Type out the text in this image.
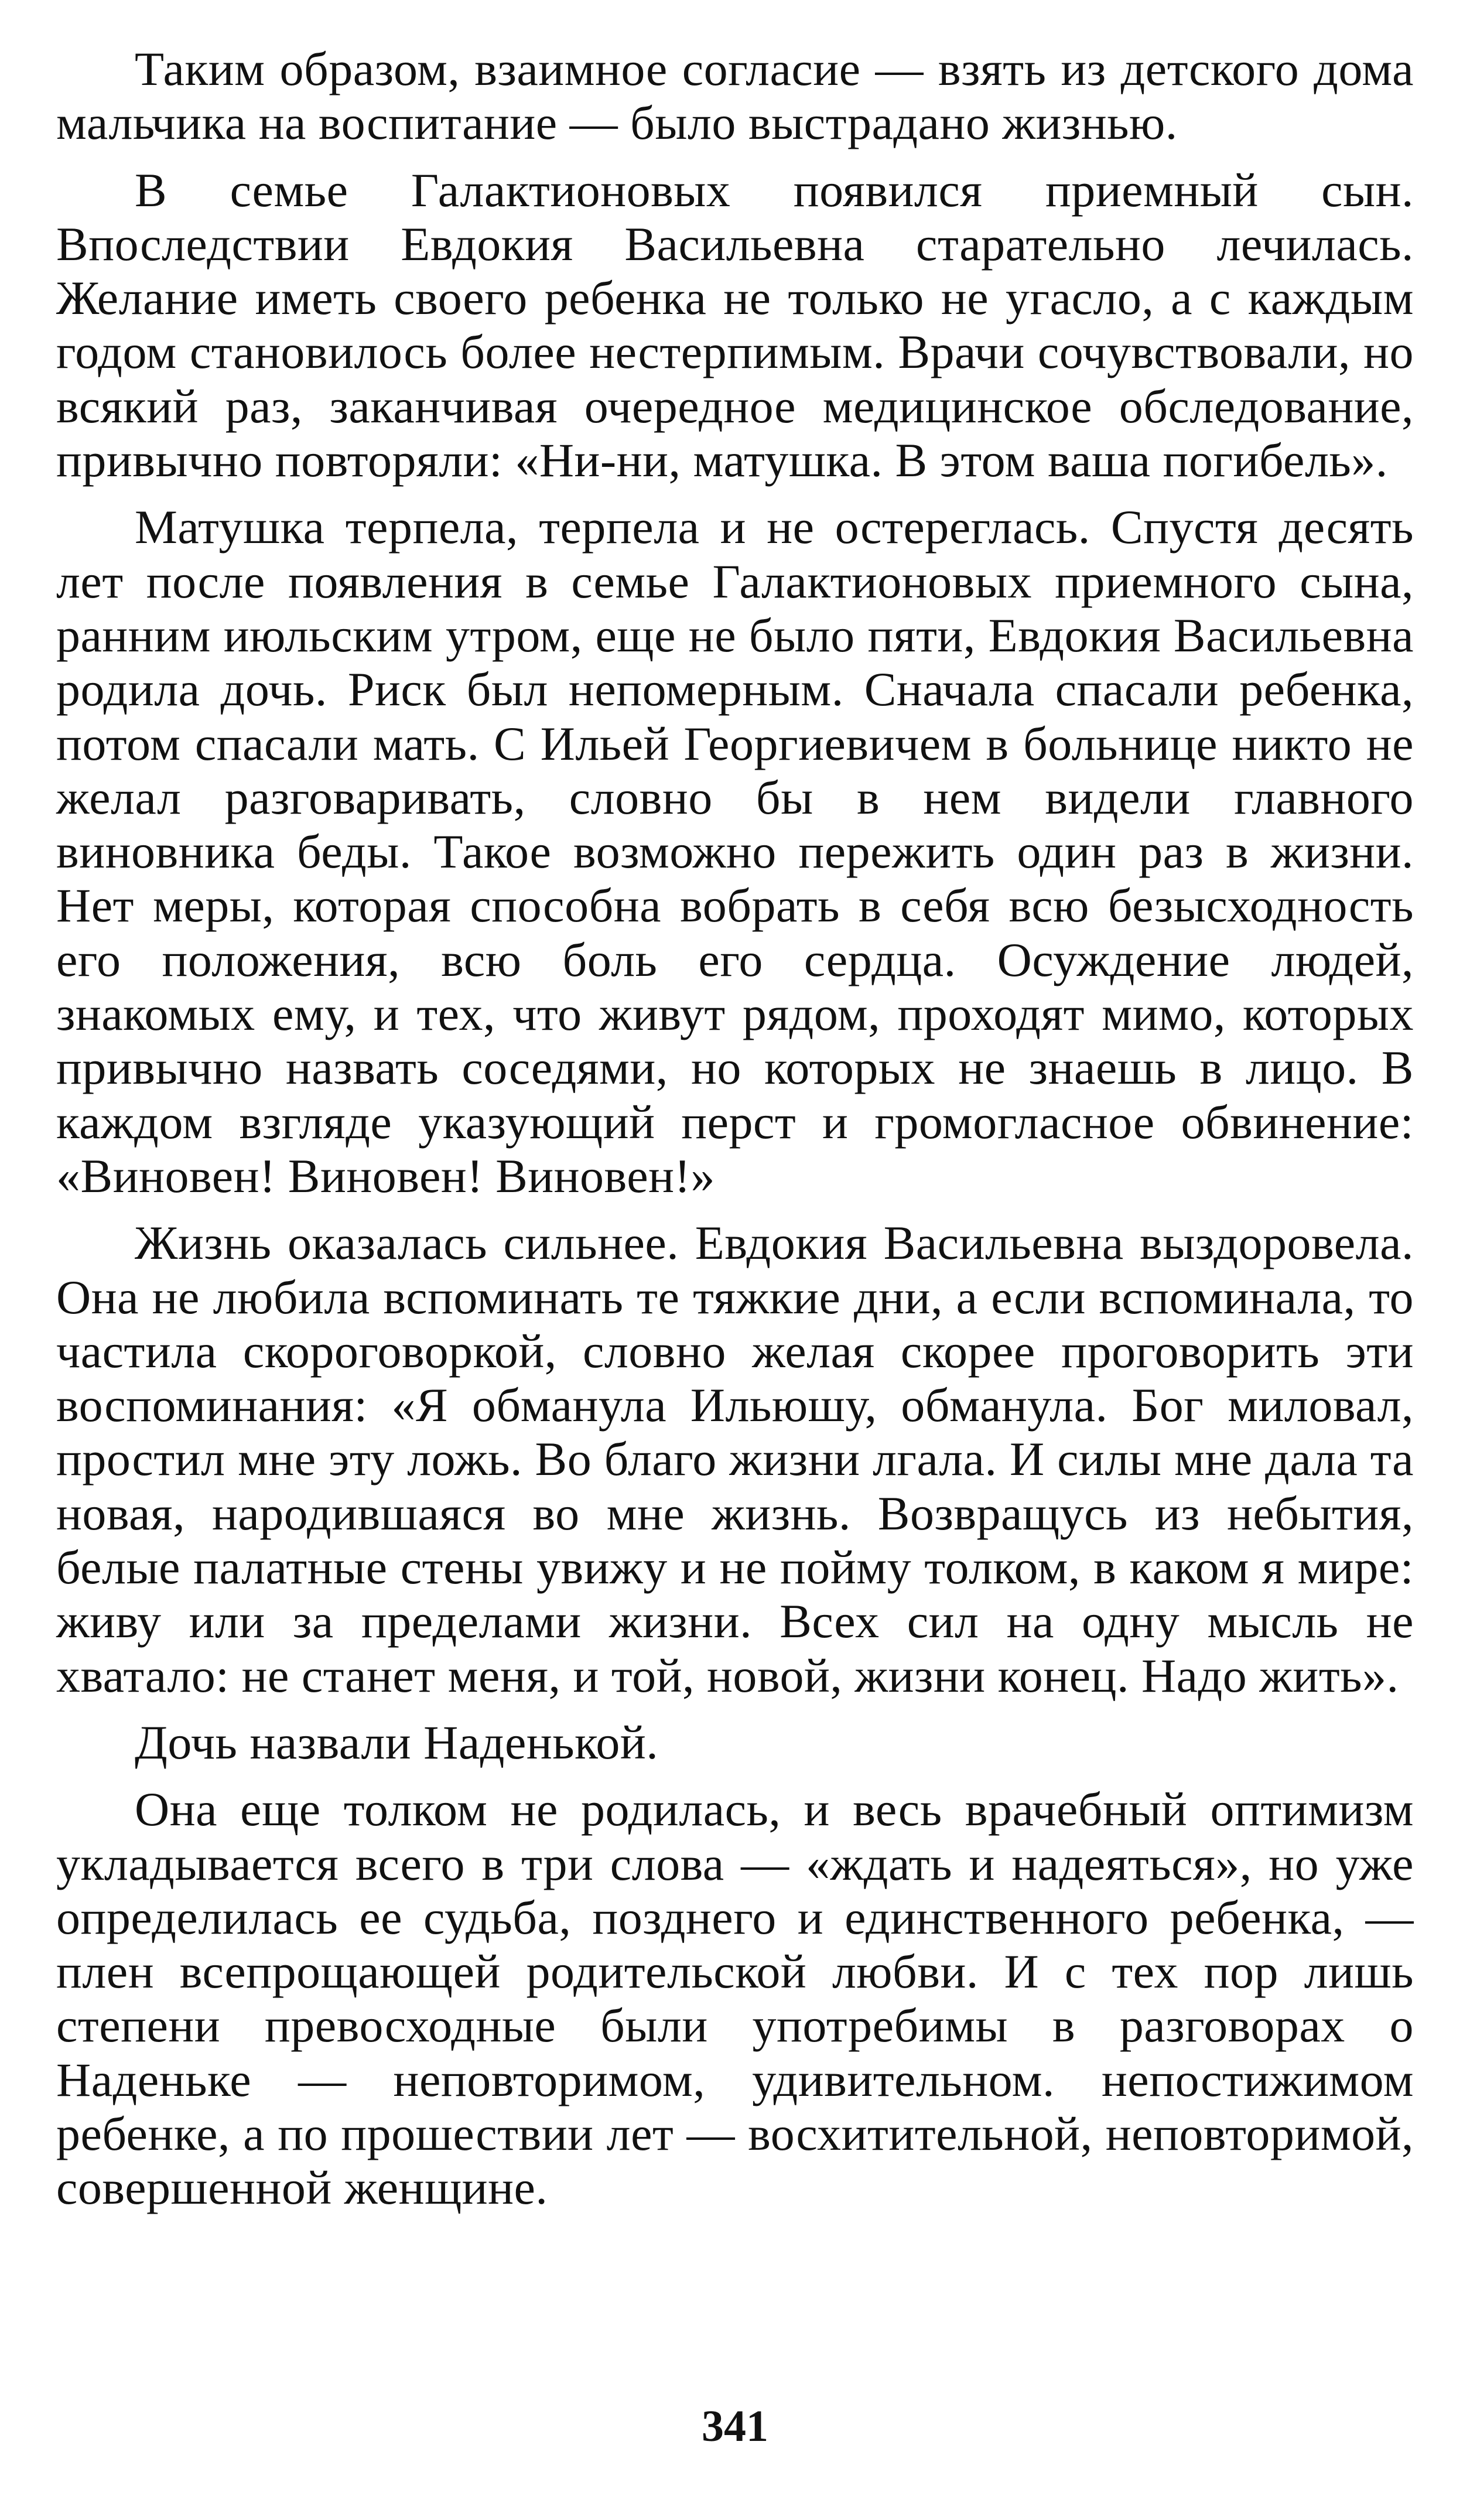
Таким образом, взаимное согласие — взять из детского дома мальчика на воспитание — было выстрадано жизнью.

В семье Галактионовых появился приемный сын. Впоследствии Евдокия Васильевна старательно лечилась. Желание иметь своего ребенка не только не угасло, а с каждым годом становилось более нестерпимым. Врачи сочувствовали, но всякий раз, заканчивая очередное медицинское обследование, привычно повторяли: «Ни-ни, матушка. В этом ваша погибель».

Матушка терпела, терпела и не остереглась. Спустя десять лет после появления в семье Галактионовых приемного сына, ранним июльским утром, еще не было пяти, Евдокия Васильевна родила дочь. Риск был непомерным. Сначала спасали ребенка, потом спасали мать. С Ильей Георгиевичем в больнице никто не желал разговаривать, словно бы в нем видели главного виновника беды. Такое возможно пережить один раз в жизни. Нет меры, которая способна вобрать в себя всю безысходность его положения, всю боль его сердца. Осуждение людей, знакомых ему, и тех, что живут рядом, проходят мимо, которых привычно назвать соседями, но которых не знаешь в лицо. В каждом взгляде указующий перст и громогласное обвинение: «Виновен! Виновен! Виновен!»

Жизнь оказалась сильнее. Евдокия Васильевна выздоровела. Она не любила вспоминать те тяжкие дни, а если вспоминала, то частила скороговоркой, словно желая скорее проговорить эти воспоминания: «Я обманула Ильюшу, обманула. Бог миловал, простил мне эту ложь. Во благо жизни лгала. И силы мне дала та новая, народившаяся во мне жизнь. Возвращусь из небытия, белые палатные стены увижу и не пойму толком, в каком я мире: живу или за пределами жизни. Всех сил на одну мысль не хватало: не станет меня, и той, новой, жизни конец. Надо жить».

Дочь назвали Наденькой.

Она еще толком не родилась, и весь врачебный оптимизм укладывается всего в три слова — «ждать и надеяться», но уже определилась ее судьба, позднего и единственного ребенка, — плен всепрощающей родительской любви. И с тех пор лишь степени превосходные были употребимы в разговорах о Наденьке — неповторимом, удивительном. непостижимом ребенке, а по прошествии лет — восхитительной, неповторимой, совершенной женщине.

341
